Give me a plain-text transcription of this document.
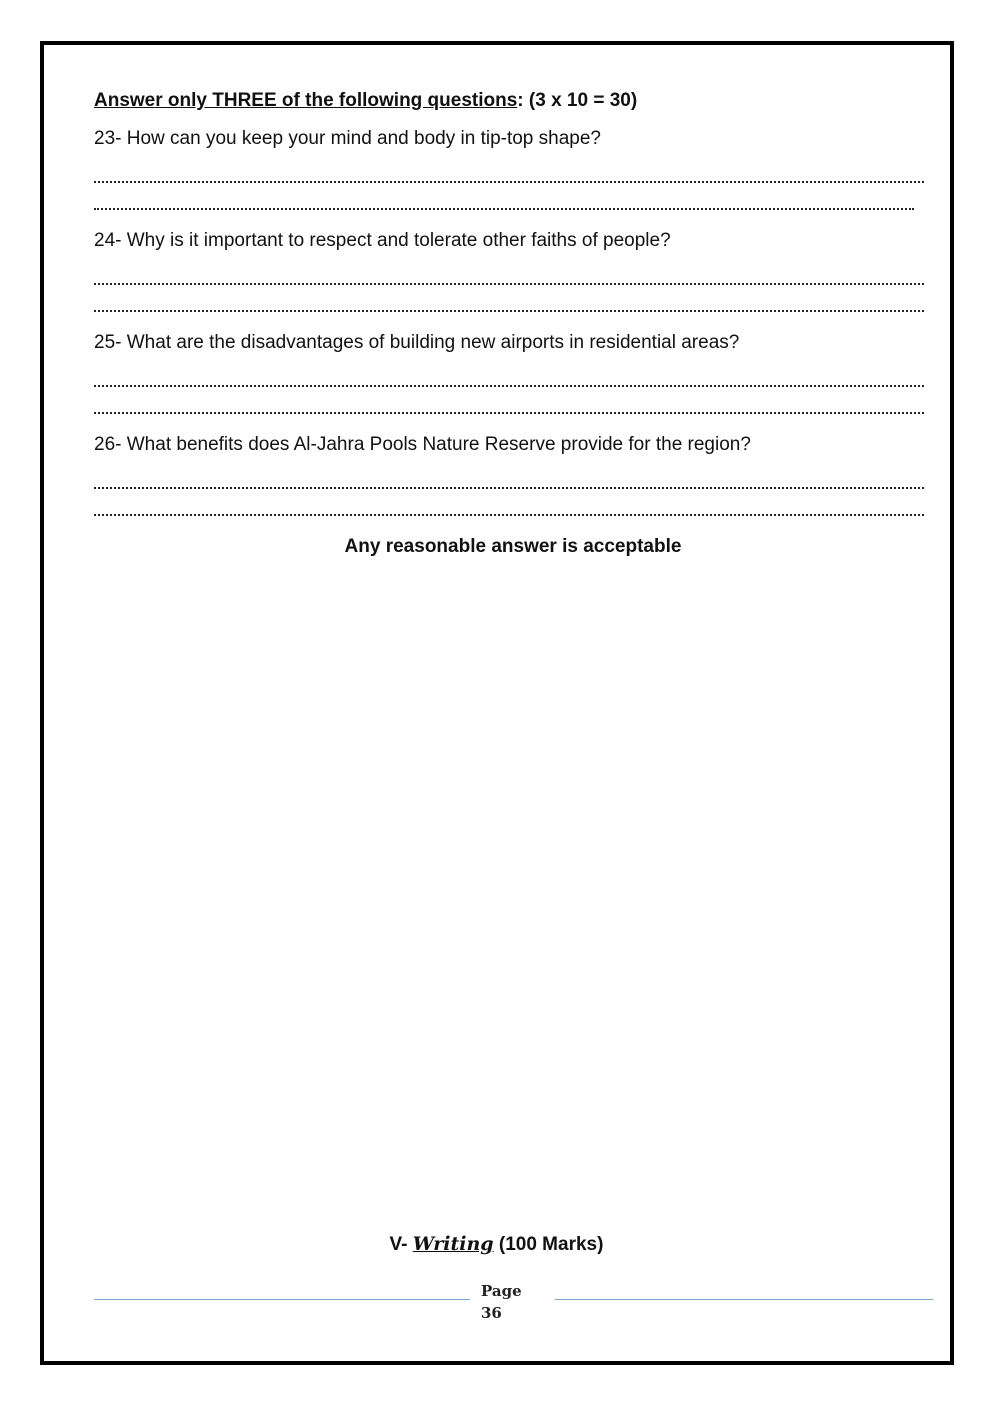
Answer only THREE of the following questions: (3 x 10 = 30)

23- How can you keep your mind and body in tip-top shape?

24- Why is it important to respect and tolerate other faiths of people?

25- What are the disadvantages of building new airports in residential areas?

26- What benefits does Al-Jahra Pools Nature Reserve provide for the region?

Any reasonable answer is acceptable
V- Writing (100 Marks)
Page
36
